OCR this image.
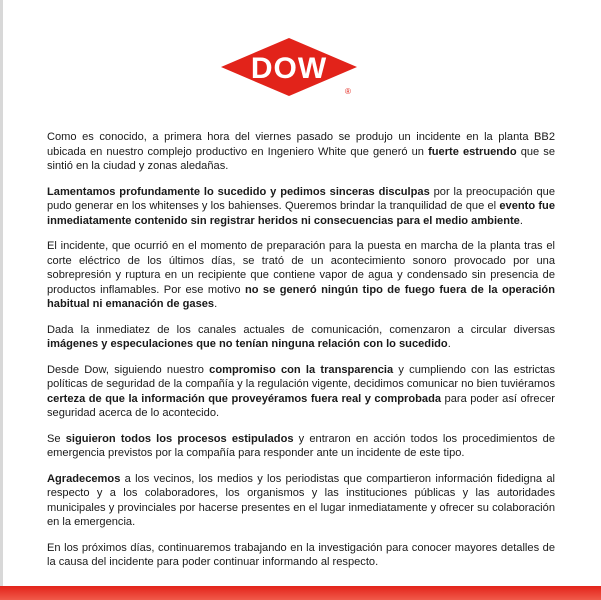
DOW
®

Como es conocido, a primera hora del viernes pasado se produjo un incidente en la planta BB2 ubicada en nuestro complejo productivo en Ingeniero White que generó un fuerte estruendo que se sintió en la ciudad y zonas aledañas.

Lamentamos profundamente lo sucedido y pedimos sinceras disculpas por la preocupación que pudo generar en los whitenses y los bahienses. Queremos brindar la tranquilidad de que el evento fue inmediatamente contenido sin registrar heridos ni consecuencias para el medio ambiente.

El incidente, que ocurrió en el momento de preparación para la puesta en marcha de la planta tras el corte eléctrico de los últimos días, se trató de un acontecimiento sonoro provocado por una sobrepresión y ruptura en un recipiente que contiene vapor de agua y condensado sin presencia de productos inflamables. Por ese motivo no se generó ningún tipo de fuego fuera de la operación habitual ni emanación de gases.

Dada la inmediatez de los canales actuales de comunicación, comenzaron a circular diversas imágenes y especulaciones que no tenían ninguna relación con lo sucedido.

Desde Dow, siguiendo nuestro compromiso con la transparencia y cumpliendo con las estrictas políticas de seguridad de la compañía y la regulación vigente, decidimos comunicar no bien tuviéramos certeza de que la información que proveyéramos fuera real y comprobada para poder así ofrecer seguridad acerca de lo acontecido.

Se siguieron todos los procesos estipulados y entraron en acción todos los procedimientos de emergencia previstos por la compañía para responder ante un incidente de este tipo.

Agradecemos a los vecinos, los medios y los periodistas que compartieron información fidedigna al respecto y a los colaboradores, los organismos y las instituciones públicas y las autoridades municipales y provinciales por hacerse presentes en el lugar inmediatamente y ofrecer su colaboración en la emergencia.

En los próximos días, continuaremos trabajando en la investigación para conocer mayores detalles de la causa del incidente para poder continuar informando al respecto.
